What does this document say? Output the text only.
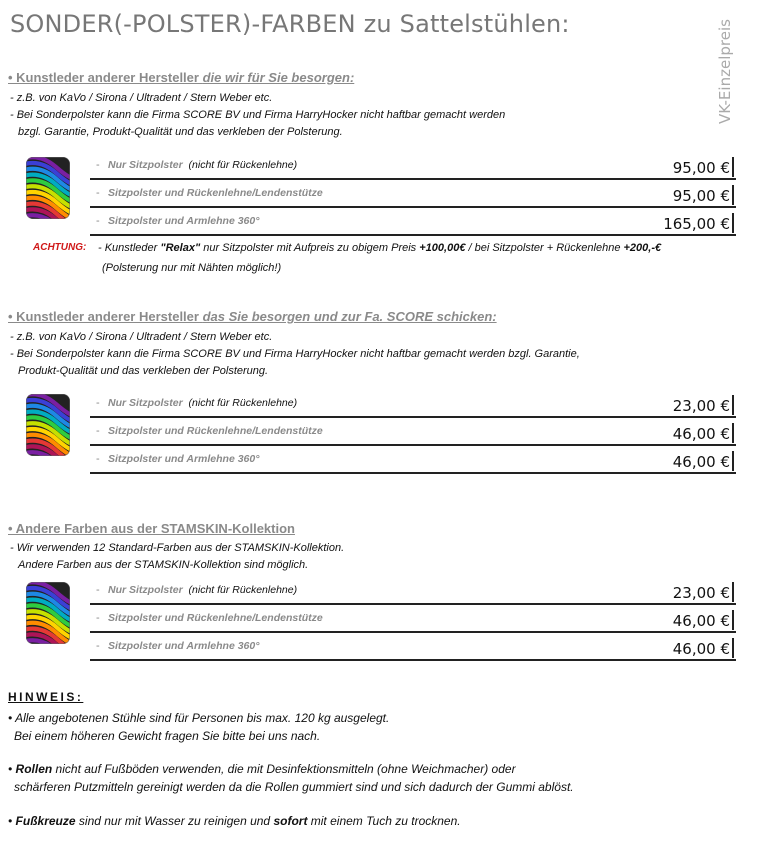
SONDER(-POLSTER)-FARBEN zu Sattelstühlen:	VK-Einzelpreis
• Kunstleder anderer Hersteller die wir für Sie besorgen:
- z.B. von KaVo / Sirona / Ultradent / Stern Weber etc.
- Bei Sonderpolster kann die Firma SCORE BV und Firma HarryHocker nicht haftbar gemacht werden
bzgl. Garantie, Produkt-Qualität und das verkleben der Polsterung.
- Nur Sitzpolster (nicht für Rückenlehne)	95,00 €
- Sitzpolster und Rückenlehne/Lendenstütze	95,00 €
- Sitzpolster und Armlehne 360°	165,00 €
ACHTUNG: - Kunstleder "Relax" nur Sitzpolster mit Aufpreis zu obigem Preis +100,00€ / bei Sitzpolster + Rückenlehne +200,-€
(Polsterung nur mit Nähten möglich!)
• Kunstleder anderer Hersteller das Sie besorgen und zur Fa. SCORE schicken:
- z.B. von KaVo / Sirona / Ultradent / Stern Weber etc.
- Bei Sonderpolster kann die Firma SCORE BV und Firma HarryHocker nicht haftbar gemacht werden bzgl. Garantie,
Produkt-Qualität und das verkleben der Polsterung.
- Nur Sitzpolster (nicht für Rückenlehne)	23,00 €
- Sitzpolster und Rückenlehne/Lendenstütze	46,00 €
- Sitzpolster und Armlehne 360°	46,00 €
• Andere Farben aus der STAMSKIN-Kollektion
- Wir verwenden 12 Standard-Farben aus der STAMSKIN-Kollektion.
Andere Farben aus der STAMSKIN-Kollektion sind möglich.
- Nur Sitzpolster (nicht für Rückenlehne)	23,00 €
- Sitzpolster und Rückenlehne/Lendenstütze	46,00 €
- Sitzpolster und Armlehne 360°	46,00 €
HINWEIS:
• Alle angebotenen Stühle sind für Personen bis max. 120 kg ausgelegt.
Bei einem höheren Gewicht fragen Sie bitte bei uns nach.
• Rollen nicht auf Fußböden verwenden, die mit Desinfektionsmitteln (ohne Weichmacher) oder
schärferen Putzmitteln gereinigt werden da die Rollen gummiert sind und sich dadurch der Gummi ablöst.
• Fußkreuze sind nur mit Wasser zu reinigen und sofort mit einem Tuch zu trocknen.
